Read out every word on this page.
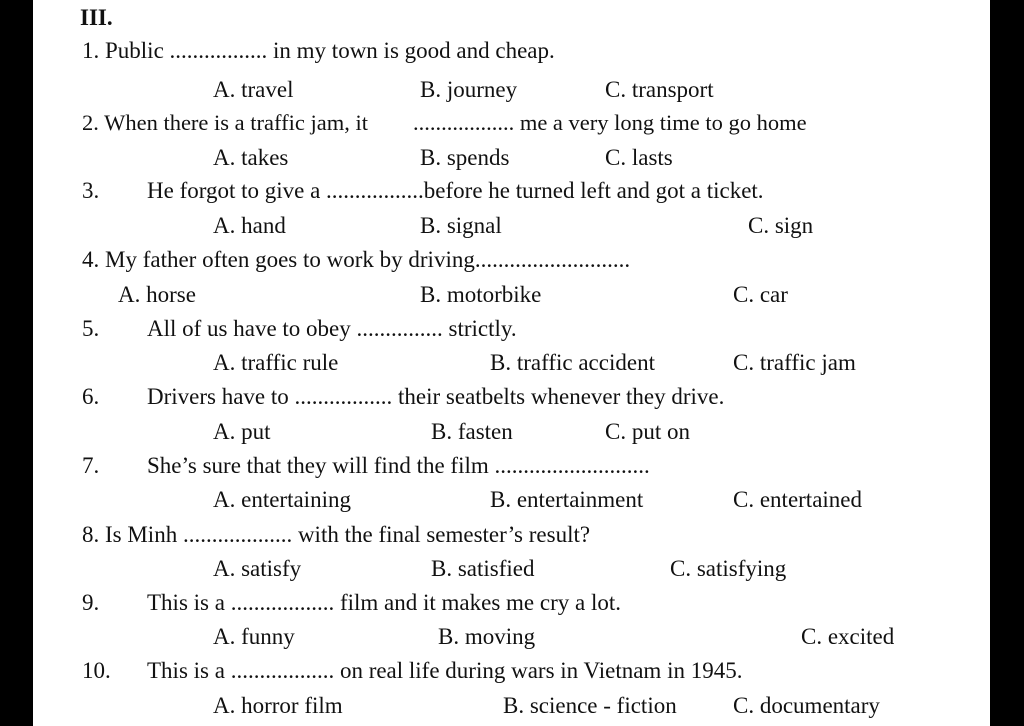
III.
1. Public ................. in my town is good and cheap.
A. travel	B. journey	C. transport
2. When there is a traffic jam, it        .................. me a very long time to go home
A. takes	B. spends	C. lasts
3. He forgot to give a .................before he turned left and got a ticket.
A. hand	B. signal	C. sign
4. My father often goes to work by driving...........................
A. horse	B. motorbike	C. car
5. All of us have to obey ............... strictly.
A. traffic rule	B. traffic accident	C. traffic jam
6. Drivers have to ................. their seatbelts whenever they drive.
A. put	B. fasten	C. put on
7. She’s sure that they will find the film ...........................
A. entertaining	B. entertainment	C. entertained
8. Is Minh ................... with the final semester’s result?
A. satisfy	B. satisfied	C. satisfying
9. This is a .................. film and it makes me cry a lot.
A. funny	B. moving	C. excited
10. This is a .................. on real life during wars in Vietnam in 1945.
A. horror film	B. science - fiction C. documentary
